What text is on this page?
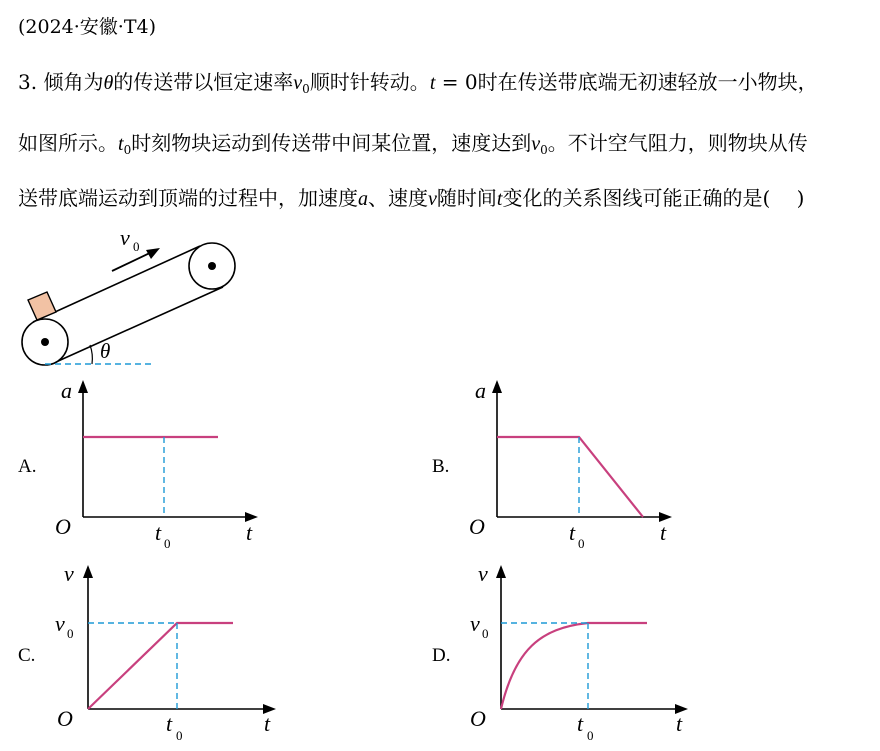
(2024·安徽·T4)
3. 倾角为θ的传送带以恒定速率$v_0$顺时针转动。t = 0时在传送带底端无初速轻放一小物块，
如图所示。$t_0$时刻物块运动到传送带中间某位置，速度达到$v_0$。不计空气阻力，则物块从传
送带底端运动到顶端的过程中，加速度a、速度v随时间t变化的关系图线可能正确的是(　 )
v 0
θ
a
t
O	t 0
A.
a
t
O	t 0
B.
v
t
O	t 0
v 0
C.
v
t
O	t 0
v 0
D.
